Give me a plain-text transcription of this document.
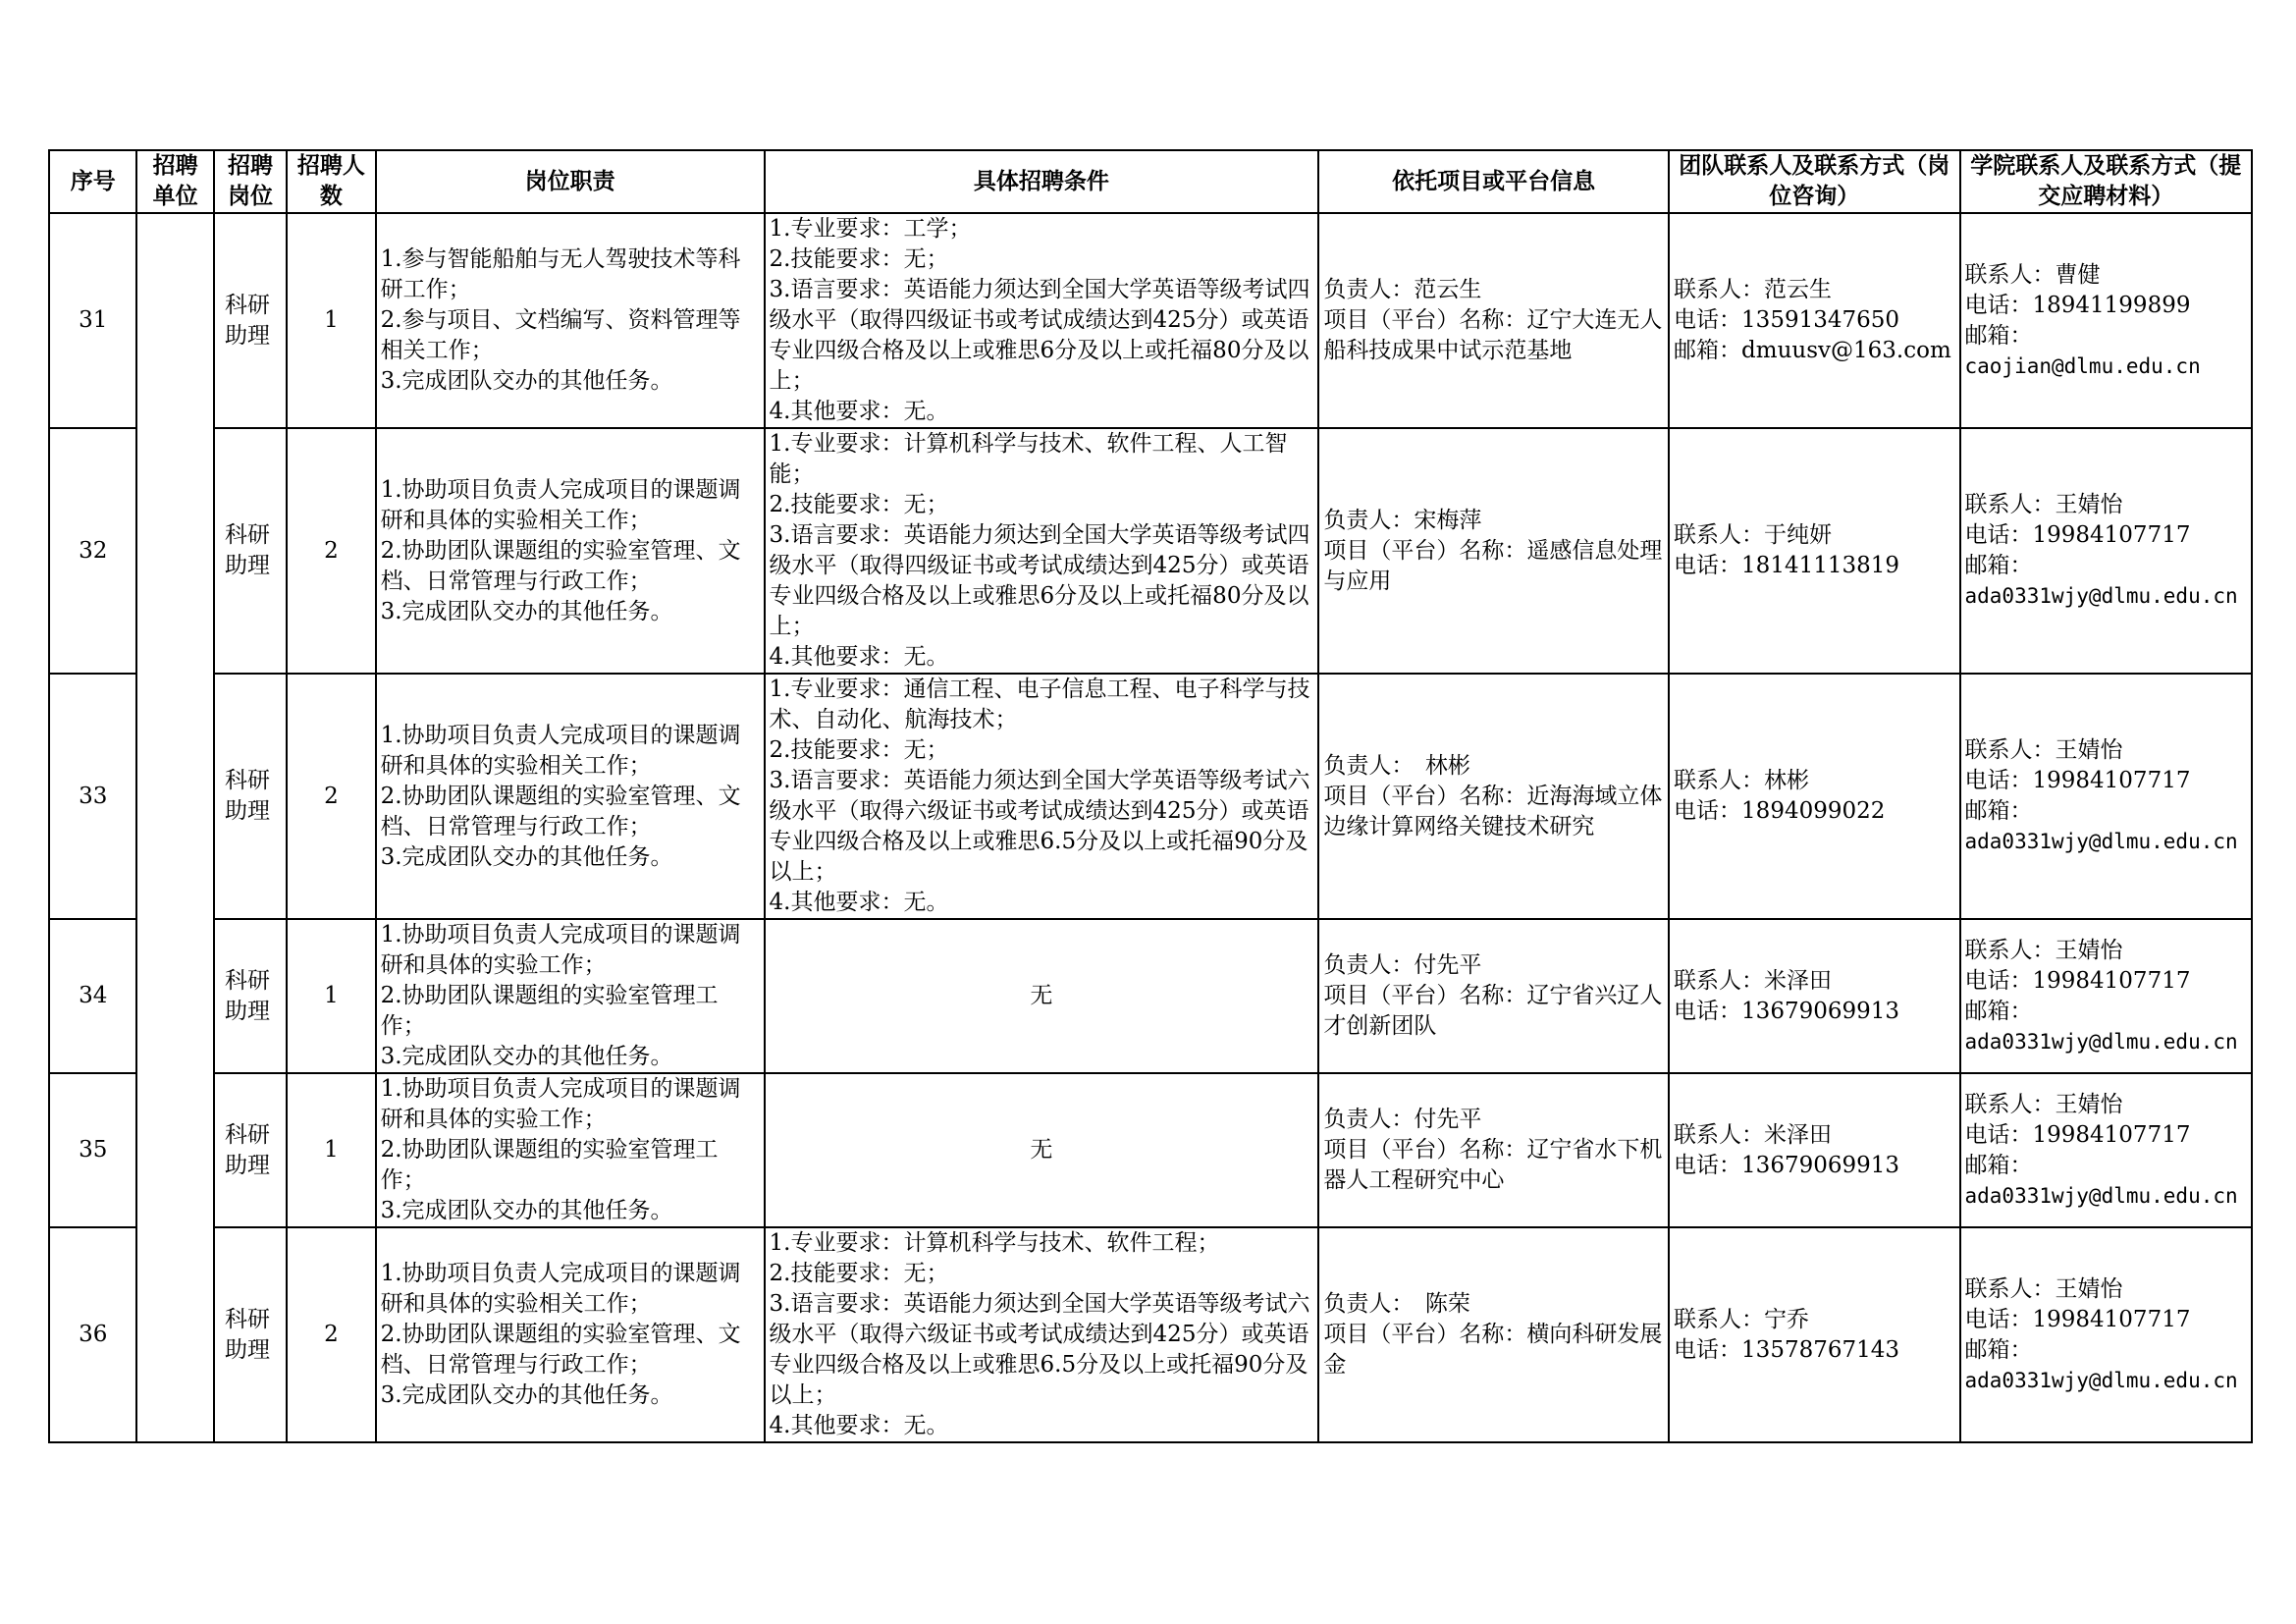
序号	招聘单位	招聘岗位	招聘人数	岗位职责	具体招聘条件	依托项目或平台信息	团队联系人及联系方式（岗位咨询）	学院联系人及联系方式（提交应聘材料）
31		科研助理	1	1.参与智能船舶与无人驾驶技术等科研工作；
2.参与项目、文档编写、资料管理等相关工作；
3.完成团队交办的其他任务。	1.专业要求：工学；
2.技能要求：无；
3.语言要求：英语能力须达到全国大学英语等级考试四级水平（取得四级证书或考试成绩达到425分）或英语专业四级合格及以上或雅思6分及以上或托福80分及以上；
4.其他要求：无。	负责人：范云生
项目（平台）名称：辽宁大连无人船科技成果中试示范基地	联系人：范云生
电话：13591347650
邮箱：dmuusv@163.com	联系人：曹健
电话：18941199899
邮箱：
caojian@dlmu.edu.cn

32		科研助理	2	1.协助项目负责人完成项目的课题调研和具体的实验相关工作；
2.协助团队课题组的实验室管理、文档、日常管理与行政工作；
3.完成团队交办的其他任务。	1.专业要求：计算机科学与技术、软件工程、人工智能；
2.技能要求：无；
3.语言要求：英语能力须达到全国大学英语等级考试四级水平（取得四级证书或考试成绩达到425分）或英语专业四级合格及以上或雅思6分及以上或托福80分及以上；
4.其他要求：无。	负责人：宋梅萍
项目（平台）名称：遥感信息处理与应用	联系人：于纯妍
电话：18141113819	联系人：王婧怡
电话：19984107717
邮箱：
ada0331wjy@dlmu.edu.cn

33		科研助理	2	1.协助项目负责人完成项目的课题调研和具体的实验相关工作；
2.协助团队课题组的实验室管理、文档、日常管理与行政工作；
3.完成团队交办的其他任务。	1.专业要求：通信工程、电子信息工程、电子科学与技术、自动化、航海技术；
2.技能要求：无；
3.语言要求：英语能力须达到全国大学英语等级考试六级水平（取得六级证书或考试成绩达到425分）或英语专业四级合格及以上或雅思6.5分及以上或托福90分及以上；
4.其他要求：无。	负责人：　林彬
项目（平台）名称：近海海域立体边缘计算网络关键技术研究	联系人：林彬
电话：1894099022	联系人：王婧怡
电话：19984107717
邮箱：
ada0331wjy@dlmu.edu.cn

34		科研助理	1	1.协助项目负责人完成项目的课题调研和具体的实验工作；
2.协助团队课题组的实验室管理工作；
3.完成团队交办的其他任务。	无	负责人：付先平
项目（平台）名称：辽宁省兴辽人才创新团队	联系人：米泽田
电话：13679069913	联系人：王婧怡
电话：19984107717
邮箱：
ada0331wjy@dlmu.edu.cn

35		科研助理	1	1.协助项目负责人完成项目的课题调研和具体的实验工作；
2.协助团队课题组的实验室管理工作；
3.完成团队交办的其他任务。	无	负责人：付先平
项目（平台）名称：辽宁省水下机器人工程研究中心	联系人：米泽田
电话：13679069913	联系人：王婧怡
电话：19984107717
邮箱：
ada0331wjy@dlmu.edu.cn

36		科研助理	2	1.协助项目负责人完成项目的课题调研和具体的实验相关工作；
2.协助团队课题组的实验室管理、文档、日常管理与行政工作；
3.完成团队交办的其他任务。	1.专业要求：计算机科学与技术、软件工程；
2.技能要求：无；
3.语言要求：英语能力须达到全国大学英语等级考试六级水平（取得六级证书或考试成绩达到425分）或英语专业四级合格及以上或雅思6.5分及以上或托福90分及以上；
4.其他要求：无。	负责人：　陈荣
项目（平台）名称：横向科研发展金	联系人：宁乔
电话：13578767143	联系人：王婧怡
电话：19984107717
邮箱：
ada0331wjy@dlmu.edu.cn
